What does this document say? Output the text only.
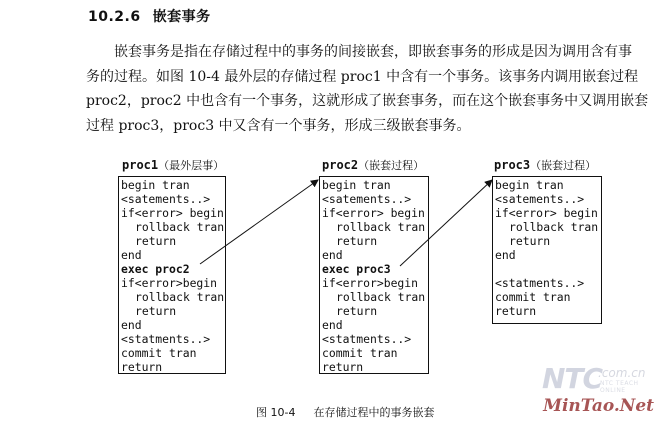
10.2.6 嵌套事务

嵌套事务是指在存储过程中的事务的间接嵌套，即嵌套事务的形成是因为调用含有事

务的过程。如图 10-4 最外层的存储过程 proc1 中含有一个事务。该事务内调用嵌套过程

proc2，proc2 中也含有一个事务，这就形成了嵌套事务，而在这个嵌套事务中又调用嵌套

过程 proc3，proc3 中又含有一个事务，形成三级嵌套事务。

proc1（最外层事）	proc2（嵌套过程）	proc3（嵌套过程）
begin tran
<satements..>
if<error> begin
rollback tran
return
end
exec proc2
if<error>begin
rollback tran
return
end
<statments..>
commit tran
return
begin tran
<satements..>
if<error> begin
rollback tran
return
end
exec proc3
if<error>begin
rollback tran
return
end
<statments..>
commit tran
return
begin tran
<satements..>
if<error> begin
rollback tran
return
end
<statments..>
commit tran
return
图 10-4 在存储过程中的事务嵌套
NTC
.com.cn
NTC TEACH ONLINE
MinTao.Net
